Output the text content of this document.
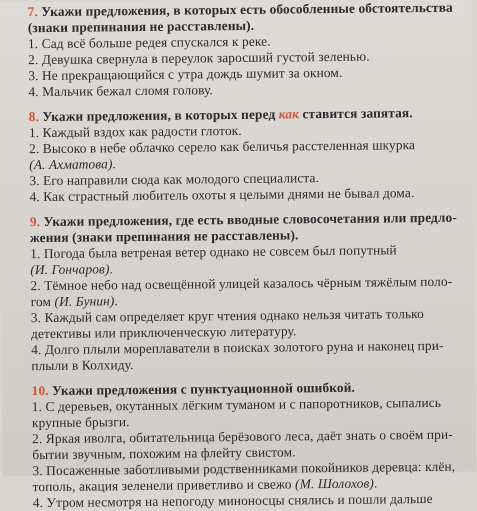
7. Укажи предложения, в которых есть обособленные обстоятельства
(знаки препинания не расставлены).
1. Сад всё больше редея спускался к реке.
2. Девушка свернула в переулок заросший густой зеленью.
3. Не прекращающийся с утра дождь шумит за окном.
4. Мальчик бежал сломя голову.
8. Укажи предложения, в которых перед как ставится запятая.
1. Каждый вздох как радости глоток.
2. Высоко в небе облачко серело как беличья расстеленная шкурка
(А. Ахматова).
3. Его направили сюда как молодого специалиста.
4. Как страстный любитель охоты я целыми днями не бывал дома.
9. Укажи предложения, где есть вводные словосочетания или предло-
жения (знаки препинания не расставлены).
1. Погода была ветреная ветер однако не совсем был попутный
(И. Гончаров).
2. Тёмное небо над освещённой улицей казалось чёрным тяжёлым поло-
гом (И. Бунин).
3. Каждый сам определяет круг чтения однако нельзя читать только
детективы или приключенческую литературу.
4. Долго плыли мореплаватели в поисках золотого руна и наконец при-
плыли в Колхиду.
10. Укажи предложения с пунктуационной ошибкой.
1. С деревьев, окутанных лёгким туманом и с папоротников, сыпались
крупные брызги.
2. Яркая иволга, обитательница берёзового леса, даёт знать о своём при-
бытии звучным, похожим на флейту свистом.
3. Посаженные заботливыми родственниками покойников деревца: клён,
тополь, акация зеленели приветливо и свежо (М. Шолохов).
4. Утром несмотря на непогоду миноносцы снялись и пошли дальше
